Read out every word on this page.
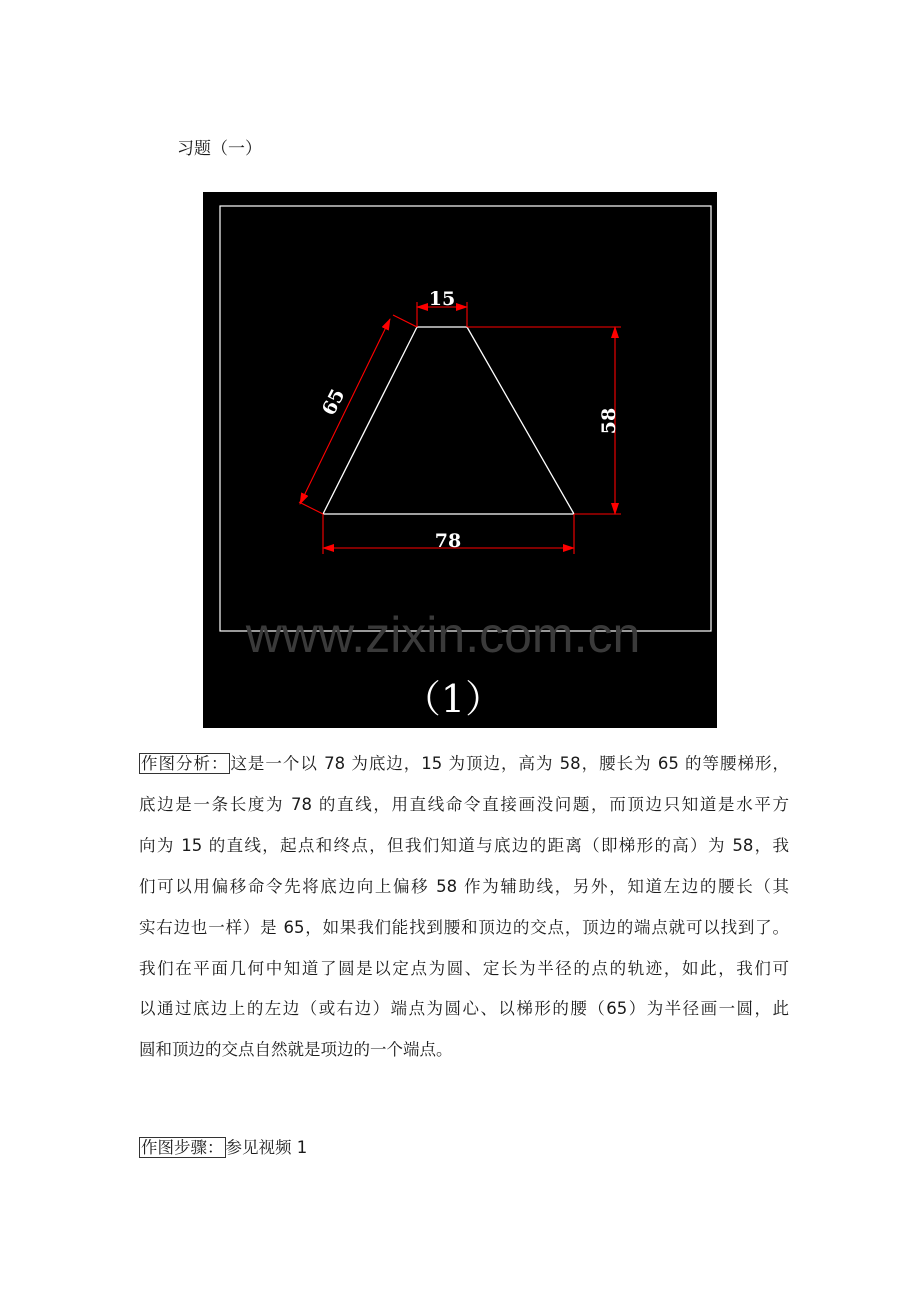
习题（一）
15
58
78
65
www.zixin.com.cn
（1）
作图分析： 这是一个以 78 为底边，15 为顶边，高为 58，腰长为 65 的等腰梯形，
底边是一条长度为 78 的直线，用直线命令直接画没问题，而顶边只知道是水平方
向为 15 的直线，起点和终点，但我们知道与底边的距离（即梯形的高）为 58，我
们可以用偏移命令先将底边向上偏移 58 作为辅助线，另外，知道左边的腰长（其
实右边也一样）是 65，如果我们能找到腰和顶边的交点，顶边的端点就可以找到了。
我们在平面几何中知道了圆是以定点为圆、定长为半径的点的轨迹，如此，我们可
以通过底边上的左边（或右边）端点为圆心、以梯形的腰（65）为半径画一圆，此
圆和顶边的交点自然就是项边的一个端点。
作图步骤： 参见视频 1
